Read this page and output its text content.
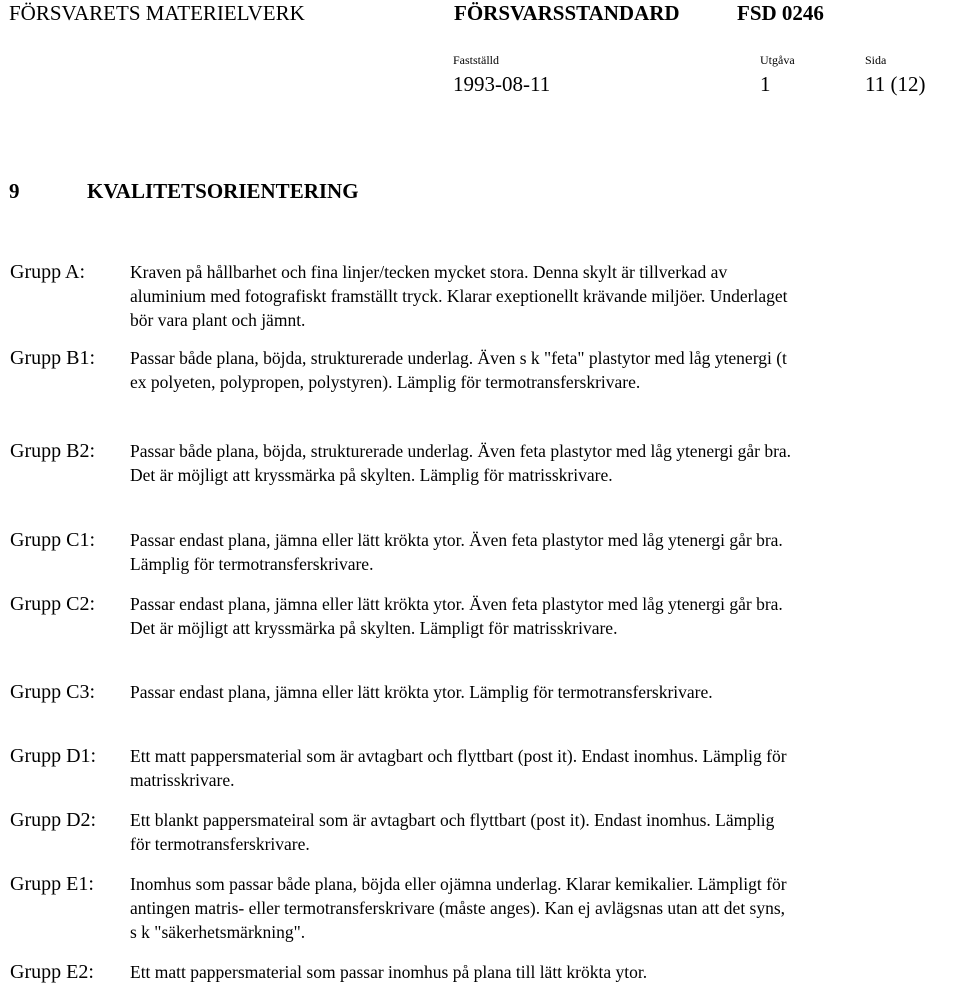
FÖRSVARETS MATERIELVERK	FÖRSVARSSTANDARD	FSD 0246
Fastställd
1993-08-11
Utgåva
1
Sida
11 (12)
9	KVALITETSORIENTERING
Grupp A:	Kraven på hållbarhet och fina linjer/tecken mycket stora. Denna skylt är tillverkad av aluminium med fotografiskt framställt tryck. Klarar exeptionellt krävande miljöer. Underlaget bör vara plant och jämnt.
Grupp B1: Passar både plana, böjda, strukturerade underlag. Även s k "feta" plastytor med låg ytenergi (t ex polyeten, polypropen, polystyren). Lämplig för termotransferskrivare.
Grupp B2: Passar både plana, böjda, strukturerade underlag. Även feta plastytor med låg ytenergi går bra. Det är möjligt att kryssmärka på skylten. Lämplig för matrisskrivare.
Grupp C1: Passar endast plana, jämna eller lätt krökta ytor. Även feta plastytor med låg ytenergi går bra. Lämplig för termotransferskrivare.
Grupp C2: Passar endast plana, jämna eller lätt krökta ytor. Även feta plastytor med låg ytenergi går bra. Det är möjligt att kryssmärka på skylten. Lämpligt för matrisskrivare.
Grupp C3: Passar endast plana, jämna eller lätt krökta ytor. Lämplig för termotransferskrivare.
Grupp D1: Ett matt pappersmaterial som är avtagbart och flyttbart (post it). Endast inomhus. Lämplig för matrisskrivare.
Grupp D2: Ett blankt pappersmateiral som är avtagbart och flyttbart (post it). Endast inomhus. Lämplig för termotransferskrivare.
Grupp E1: Inomhus som passar både plana, böjda eller ojämna underlag. Klarar kemikalier. Lämpligt för antingen matris- eller termotransferskrivare (måste anges). Kan ej avlägsnas utan att det syns, s k "säkerhetsmärkning".
Grupp E2: Ett matt pappersmaterial som passar inomhus på plana till lätt krökta ytor.
